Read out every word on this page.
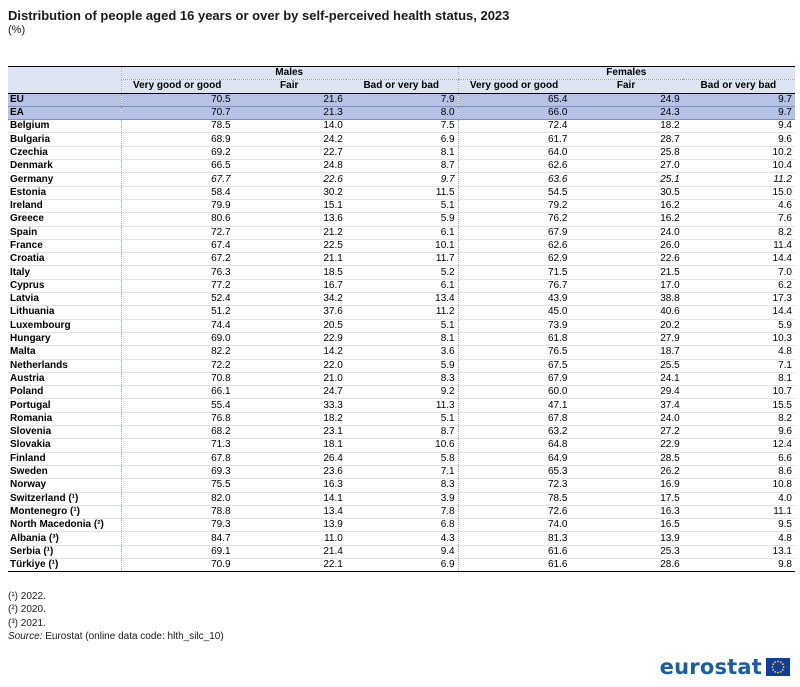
Distribution of people aged 16 years or over by self-perceived health status, 2023
(%)
	Males			Females		
	Very good or good	Fair	Bad or very bad	Very good or good	Fair	Bad or very bad
EU	70.5	21.6	7.9	65.4	24.9	9.7
EA	70.7	21.3	8.0	66.0	24.3	9.7
Belgium	78.5	14.0	7.5	72.4	18.2	9.4
Bulgaria	68.9	24.2	6.9	61.7	28.7	9.6
Czechia	69.2	22.7	8.1	64.0	25.8	10.2
Denmark	66.5	24.8	8.7	62.6	27.0	10.4
Germany	67.7	22.6	9.7	63.6	25.1	11.2
Estonia	58.4	30.2	11.5	54.5	30.5	15.0
Ireland	79.9	15.1	5.1	79.2	16.2	4.6
Greece	80.6	13.6	5.9	76.2	16.2	7.6
Spain	72.7	21.2	6.1	67.9	24.0	8.2
France	67.4	22.5	10.1	62.6	26.0	11.4
Croatia	67.2	21.1	11.7	62.9	22.6	14.4
Italy	76.3	18.5	5.2	71.5	21.5	7.0
Cyprus	77.2	16.7	6.1	76.7	17.0	6.2
Latvia	52.4	34.2	13.4	43.9	38.8	17.3
Lithuania	51.2	37.6	11.2	45.0	40.6	14.4
Luxembourg	74.4	20.5	5.1	73.9	20.2	5.9
Hungary	69.0	22.9	8.1	61.8	27.9	10.3
Malta	82.2	14.2	3.6	76.5	18.7	4.8
Netherlands	72.2	22.0	5.9	67.5	25.5	7.1
Austria	70.8	21.0	8.3	67.9	24.1	8.1
Poland	66.1	24.7	9.2	60.0	29.4	10.7
Portugal	55.4	33.3	11.3	47.1	37.4	15.5
Romania	76.8	18.2	5.1	67.8	24.0	8.2
Slovenia	68.2	23.1	8.7	63.2	27.2	9.6
Slovakia	71.3	18.1	10.6	64.8	22.9	12.4
Finland	67.8	26.4	5.8	64.9	28.5	6.6
Sweden	69.3	23.6	7.1	65.3	26.2	8.6
Norway	75.5	16.3	8.3	72.3	16.9	10.8
Switzerland (¹)	82.0	14.1	3.9	78.5	17.5	4.0
Montenegro (¹)	78.8	13.4	7.8	72.6	16.3	11.1
North Macedonia (²)	79.3	13.9	6.8	74.0	16.5	9.5
Albania (³)	84.7	11.0	4.3	81.3	13.9	4.8
Serbia (¹)	69.1	21.4	9.4	61.6	25.3	13.1
Türkiye (¹)	70.9	22.1	6.9	61.6	28.6	9.8
(¹) 2022.
(²) 2020.
(³) 2021.
Source: Eurostat (online data code: hlth_silc_10)
eurostat
